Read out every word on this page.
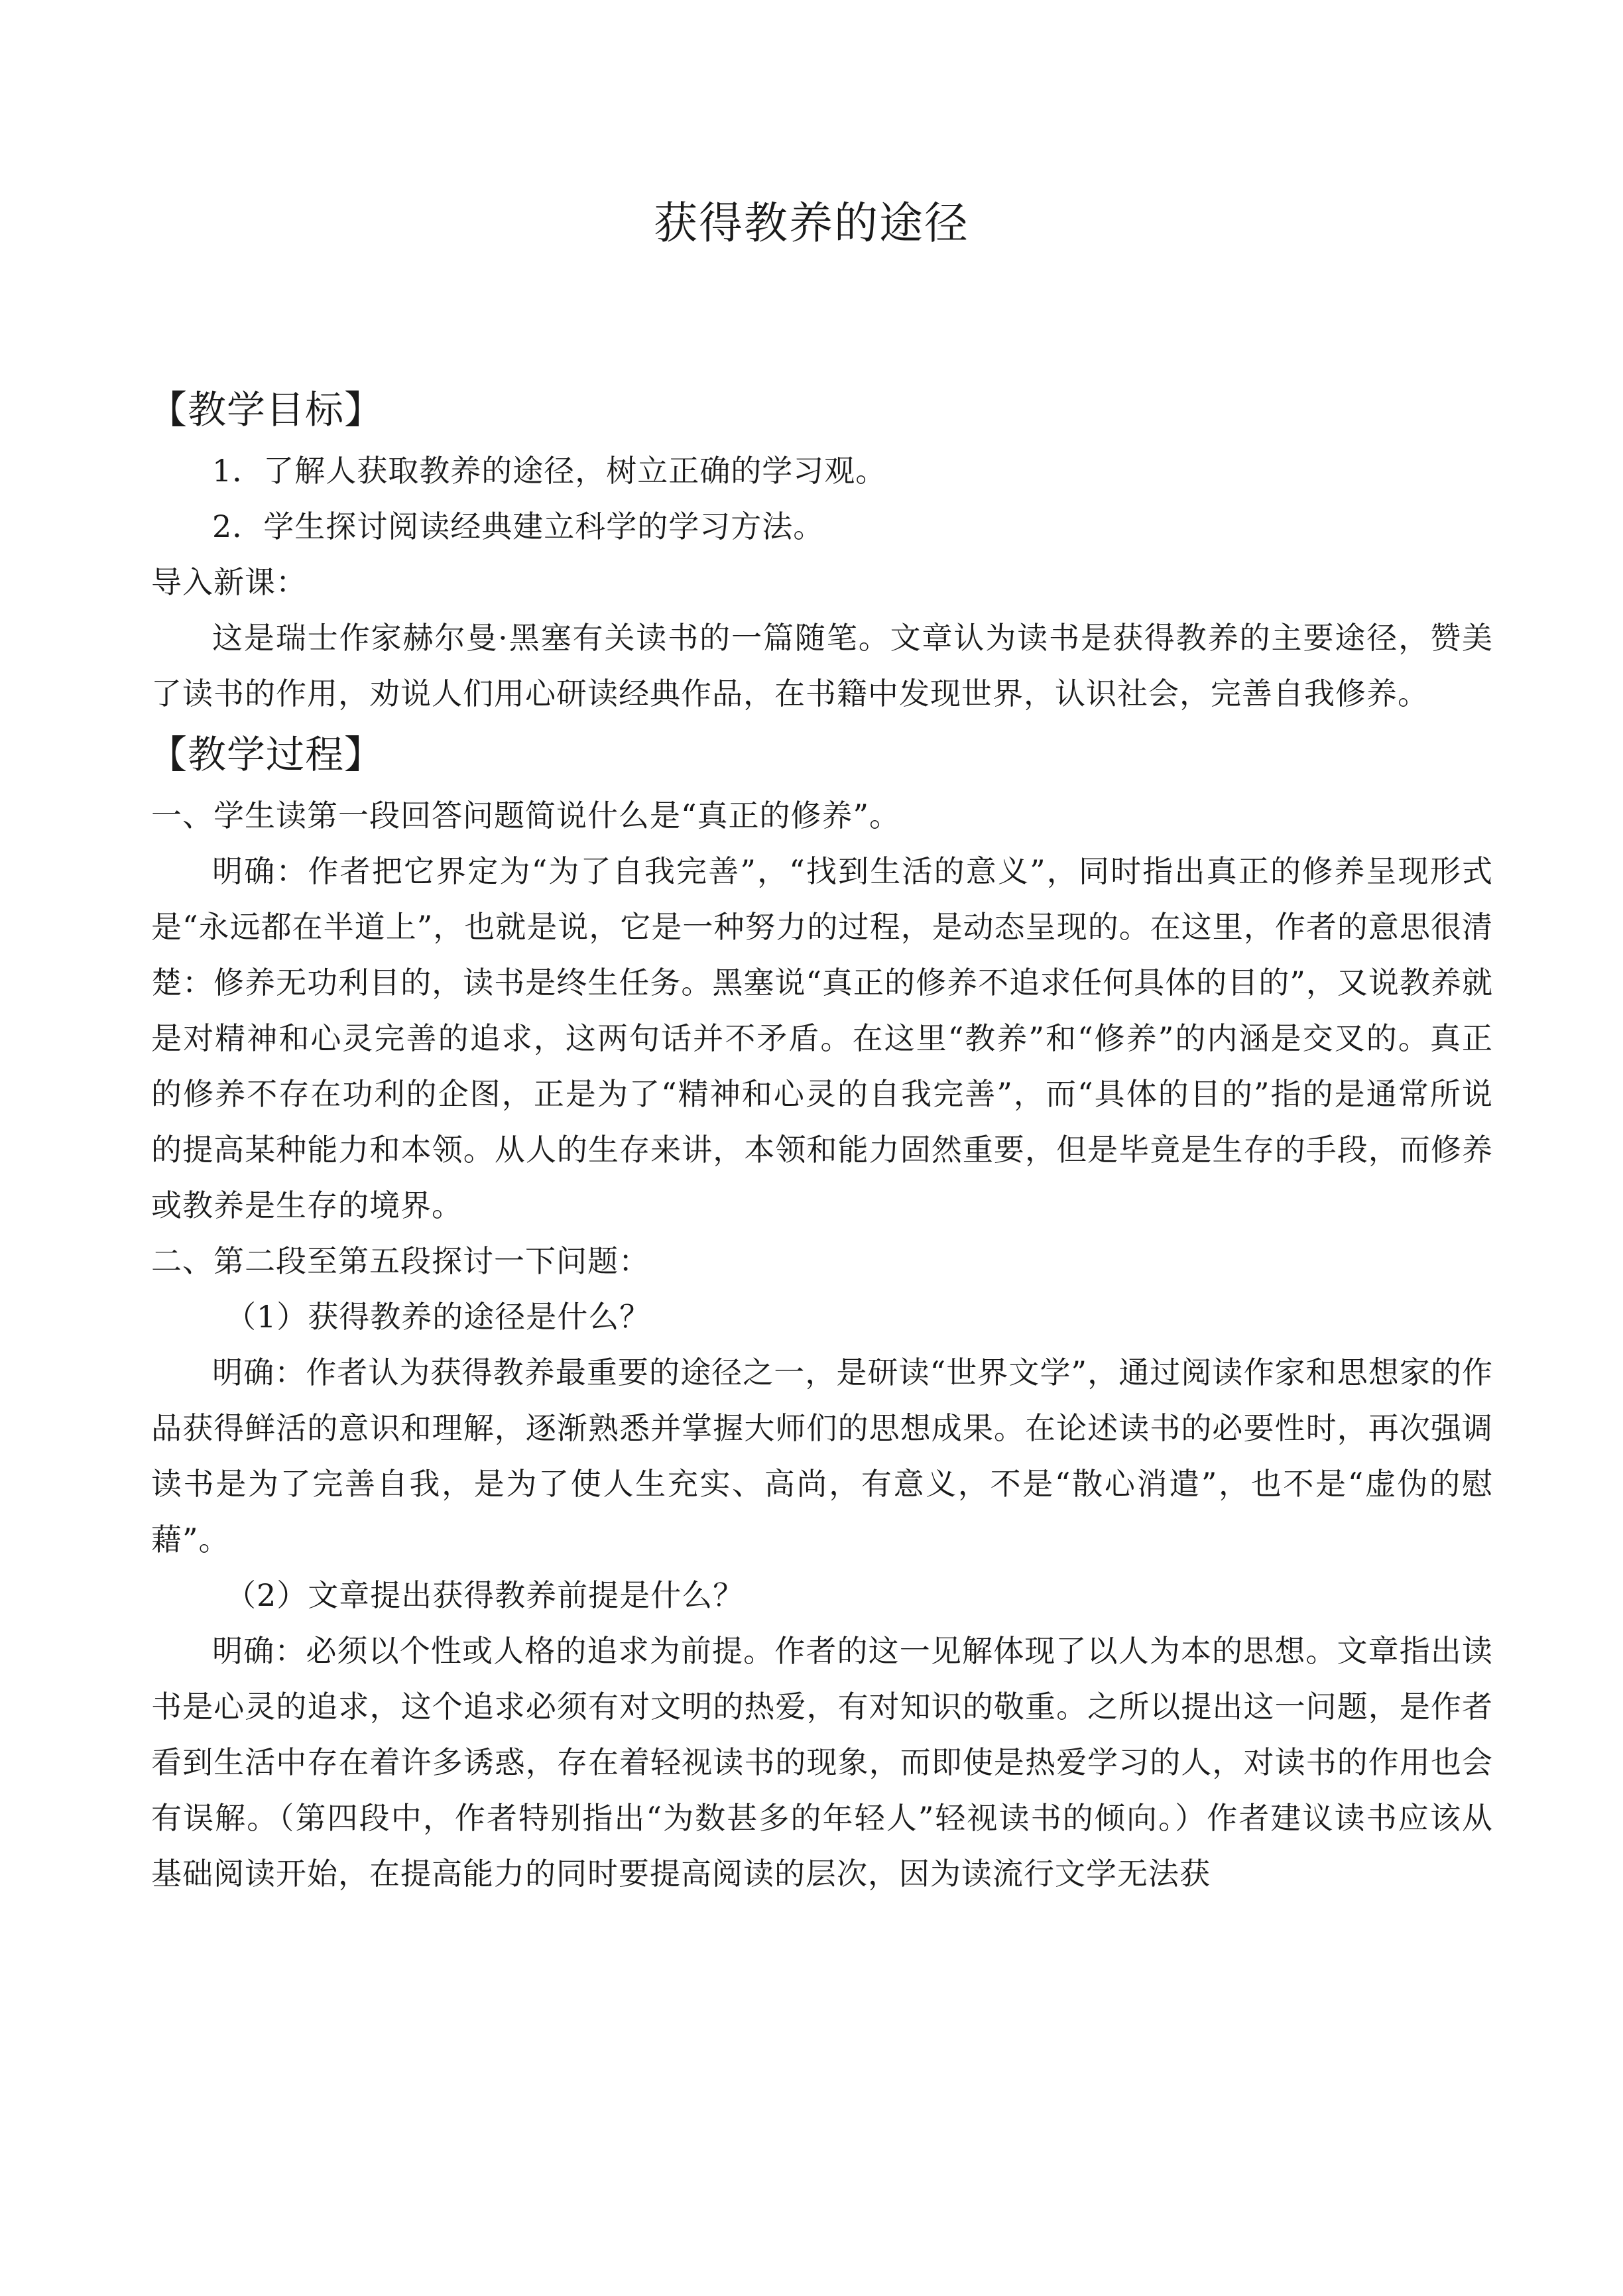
获得教养的途径

【教学目标】

1．了解人获取教养的途径，树立正确的学习观。

2．学生探讨阅读经典建立科学的学习方法。

导入新课：

这是瑞士作家赫尔曼·黑塞有关读书的一篇随笔。文章认为读书是获得教养的主要途径，赞美了读书的作用，劝说人们用心研读经典作品，在书籍中发现世界，认识社会，完善自我修养。

【教学过程】

一、学生读第一段回答问题简说什么是“真正的修养”。

明确：作者把它界定为“为了自我完善”，“找到生活的意义”，同时指出真正的修养呈现形式是“永远都在半道上”，也就是说，它是一种努力的过程，是动态呈现的。在这里，作者的意思很清楚：修养无功利目的，读书是终生任务。黑塞说“真正的修养不追求任何具体的目的”，又说教养就是对精神和心灵完善的追求，这两句话并不矛盾。在这里“教养”和“修养”的内涵是交叉的。真正的修养不存在功利的企图，正是为了“精神和心灵的自我完善”，而“具体的目的”指的是通常所说的提高某种能力和本领。从人的生存来讲，本领和能力固然重要，但是毕竟是生存的手段，而修养或教养是生存的境界。

二、第二段至第五段探讨一下问题：

（1）获得教养的途径是什么？

明确：作者认为获得教养最重要的途径之一，是研读“世界文学”，通过阅读作家和思想家的作品获得鲜活的意识和理解，逐渐熟悉并掌握大师们的思想成果。在论述读书的必要性时，再次强调读书是为了完善自我，是为了使人生充实、高尚，有意义，不是“散心消遣”，也不是“虚伪的慰藉”。

（2）文章提出获得教养前提是什么？

明确：必须以个性或人格的追求为前提。作者的这一见解体现了以人为本的思想。文章指出读书是心灵的追求，这个追求必须有对文明的热爱，有对知识的敬重。之所以提出这一问题，是作者看到生活中存在着许多诱惑，存在着轻视读书的现象，而即使是热爱学习的人，对读书的作用也会有误解。（第四段中，作者特别指出“为数甚多的年轻人”轻视读书的倾向。）作者建议读书应该从基础阅读开始，在提高能力的同时要提高阅读的层次，因为读流行文学无法获
